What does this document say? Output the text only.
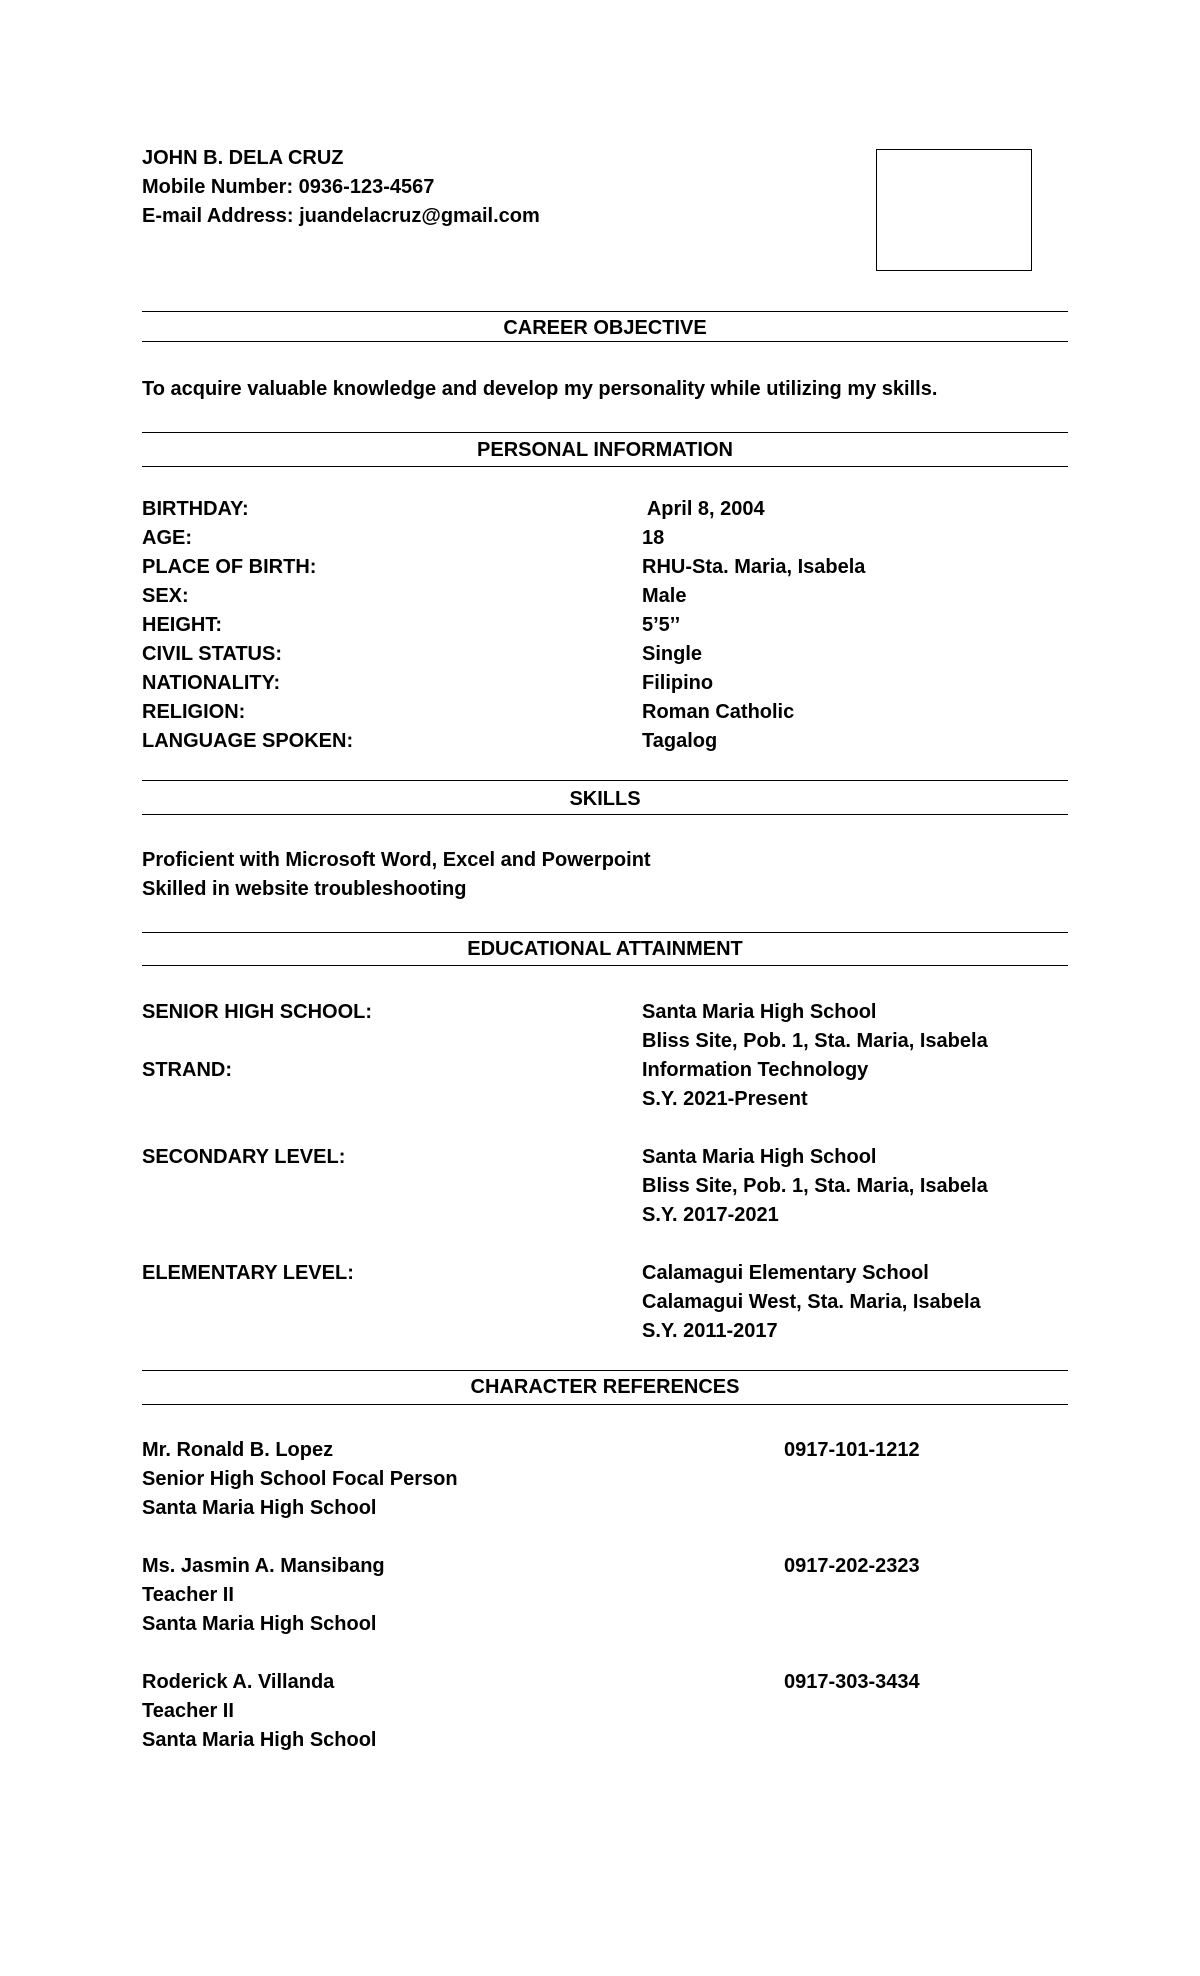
JOHN B. DELA CRUZ
Mobile Number: 0936-123-4567
E-mail Address: juandelacruz@gmail.com
CAREER OBJECTIVE
To acquire valuable knowledge and develop my personality while utilizing my skills.
PERSONAL INFORMATION
BIRTHDAY:	April 8, 2004
AGE:	18
PLACE OF BIRTH:	RHU-Sta. Maria, Isabela
SEX:	Male
HEIGHT:	5’5’’
CIVIL STATUS:	Single
NATIONALITY:	Filipino
RELIGION:	Roman Catholic
LANGUAGE SPOKEN:	Tagalog
SKILLS
Proficient with Microsoft Word, Excel and Powerpoint
Skilled in website troubleshooting
EDUCATIONAL ATTAINMENT
SENIOR HIGH SCHOOL:	Santa Maria High School
Bliss Site, Pob. 1, Sta. Maria, Isabela
STRAND:	Information Technology
S.Y. 2021-Present
SECONDARY LEVEL:	Santa Maria High School
Bliss Site, Pob. 1, Sta. Maria, Isabela
S.Y. 2017-2021
ELEMENTARY LEVEL:	Calamagui Elementary School
Calamagui West, Sta. Maria, Isabela
S.Y. 2011-2017
CHARACTER REFERENCES
Mr. Ronald B. Lopez	0917-101-1212
Senior High School Focal Person
Santa Maria High School
Ms. Jasmin A. Mansibang	0917-202-2323
Teacher II
Santa Maria High School
Roderick A. Villanda	0917-303-3434
Teacher II
Santa Maria High School
